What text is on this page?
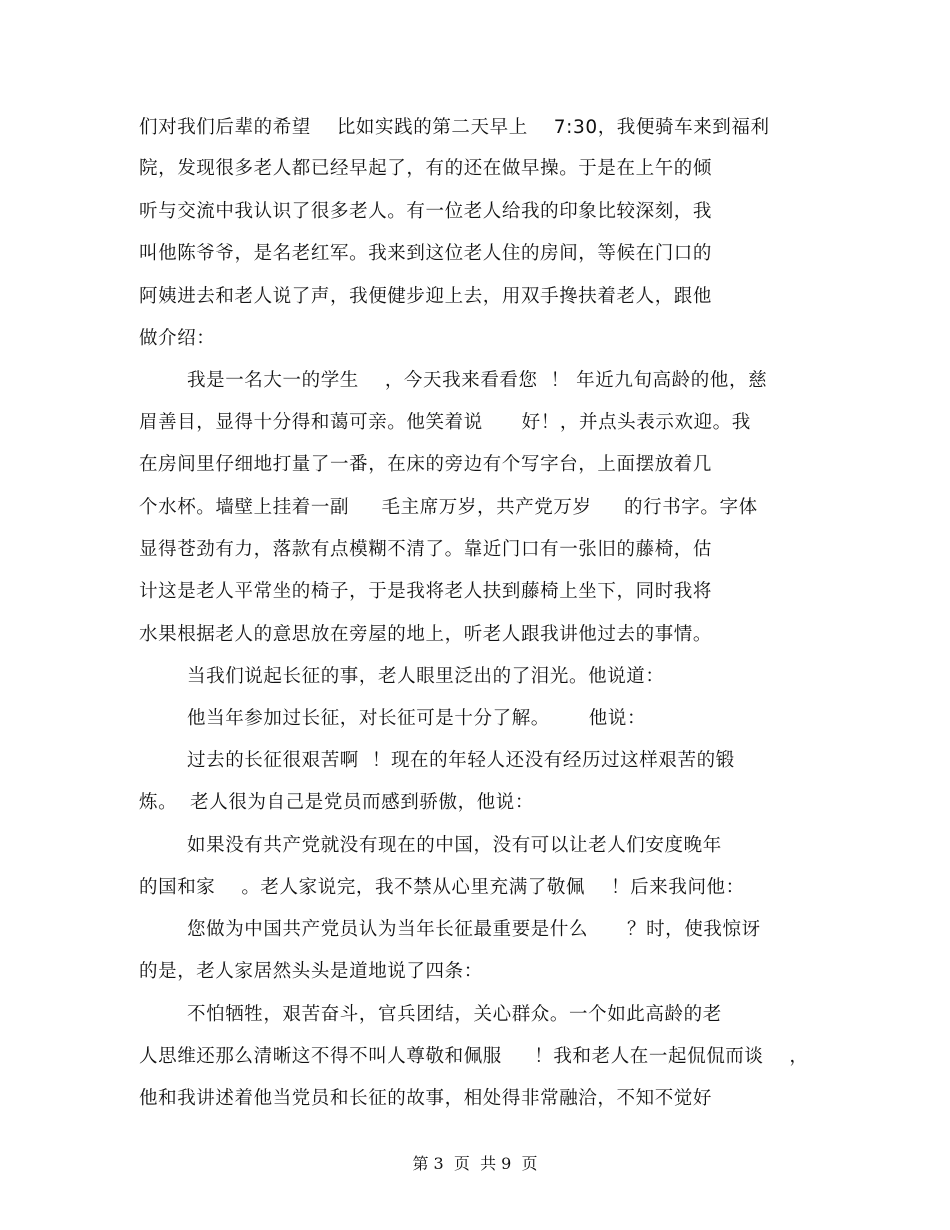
们对我们后辈的希望    比如实践的第二天早上    7:30，我便骑车来到福利
院，发现很多老人都已经早起了，有的还在做早操。于是在上午的倾
听与交流中我认识了很多老人。有一位老人给我的印象比较深刻，我
叫他陈爷爷，是名老红军。我来到这位老人住的房间，等候在门口的
阿姨进去和老人说了声，我便健步迎上去，用双手搀扶着老人，跟他
做介绍：
我是一名大一的学生    ，今天我来看看您  ！ 年近九旬高龄的他，慈
眉善目，显得十分得和蔼可亲。他笑着说      好！，并点头表示欢迎。我
在房间里仔细地打量了一番，在床的旁边有个写字台，上面摆放着几
个水杯。墙壁上挂着一副     毛主席万岁，共产党万岁     的行书字。字体
显得苍劲有力，落款有点模糊不清了。靠近门口有一张旧的藤椅，估
计这是老人平常坐的椅子，于是我将老人扶到藤椅上坐下，同时我将
水果根据老人的意思放在旁屋的地上，听老人跟我讲他过去的事情。
当我们说起长征的事，老人眼里泛出的了泪光。他说道：
他当年参加过长征，对长征可是十分了解。      他说：
过去的长征很艰苦啊  ！现在的年轻人还没有经历过这样艰苦的锻
炼。  老人很为自己是党员而感到骄傲，他说：
如果没有共产党就没有现在的中国，没有可以让老人们安度晚年
的国和家    。老人家说完，我不禁从心里充满了敬佩    ！后来我问他：
您做为中国共产党员认为当年长征最重要是什么      ？时，使我惊讶
的是，老人家居然头头是道地说了四条：
不怕牺牲，艰苦奋斗，官兵团结，关心群众。一个如此高龄的老
人思维还那么清晰这不得不叫人尊敬和佩服     ！我和老人在一起侃侃而谈    ，
他和我讲述着他当党员和长征的故事，相处得非常融洽，不知不觉好
第 3  页  共 9  页
